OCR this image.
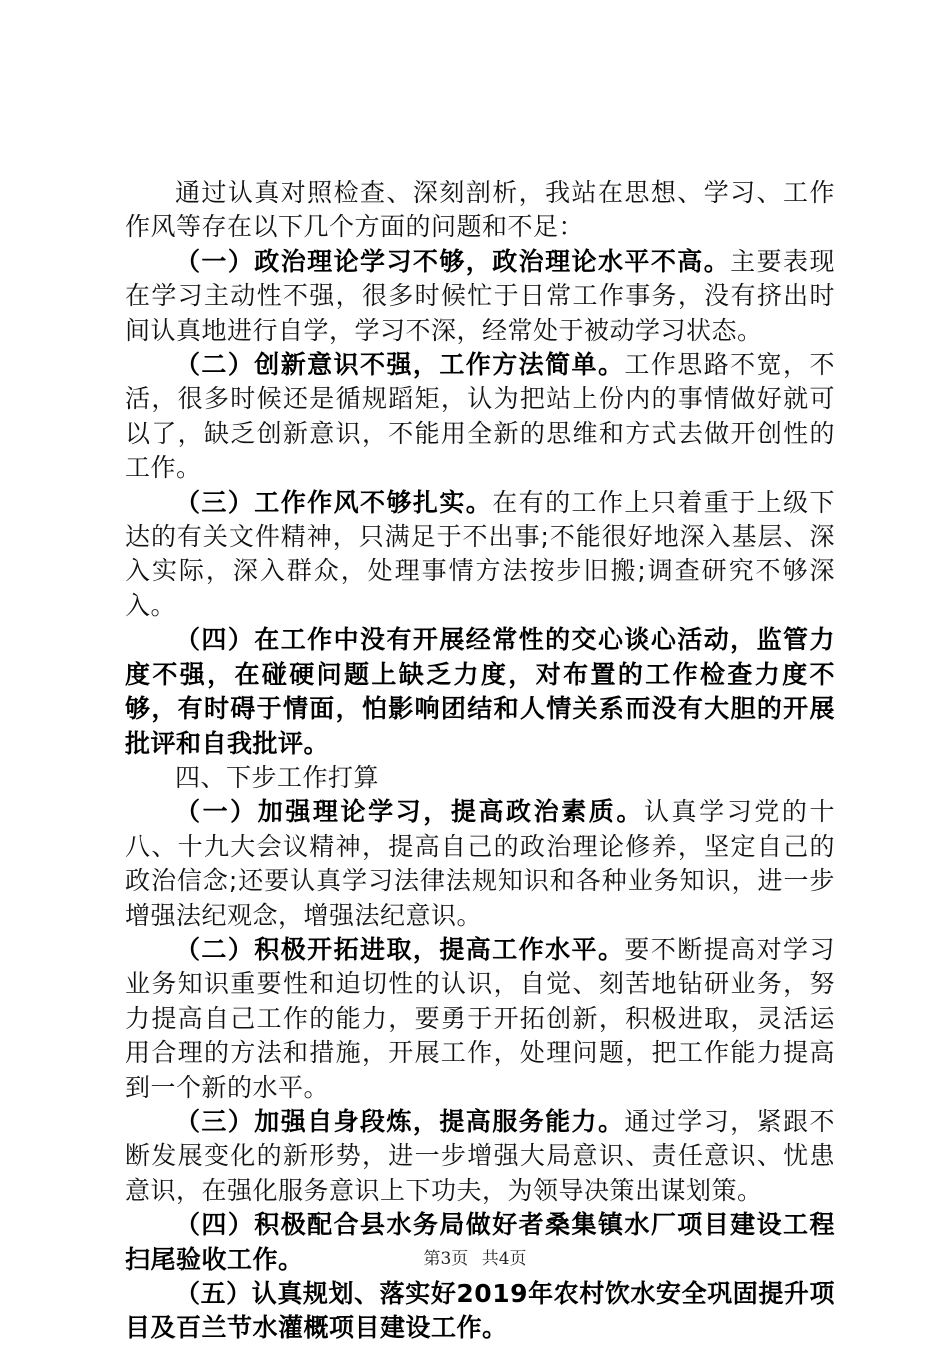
通过认真对照检查、深刻剖析，我站在思想、学习、工作作风等存在以下几个方面的问题和不足：

（一）政治理论学习不够，政治理论水平不高。主要表现在学习主动性不强，很多时候忙于日常工作事务，没有挤出时间认真地进行自学，学习不深，经常处于被动学习状态。

（二）创新意识不强，工作方法简单。工作思路不宽，不活，很多时候还是循规蹈矩，认为把站上份内的事情做好就可以了，缺乏创新意识，不能用全新的思维和方式去做开创性的工作。

（三）工作作风不够扎实。在有的工作上只着重于上级下达的有关文件精神，只满足于不出事;不能很好地深入基层、深入实际，深入群众，处理事情方法按步旧搬;调查研究不够深入。

（四）在工作中没有开展经常性的交心谈心活动，监管力度不强，在碰硬问题上缺乏力度，对布置的工作检查力度不够，有时碍于情面，怕影响团结和人情关系而没有大胆的开展批评和自我批评。

四、下步工作打算

（一）加强理论学习，提高政治素质。认真学习党的十八、十九大会议精神，提高自己的政治理论修养，坚定自己的政治信念;还要认真学习法律法规知识和各种业务知识，进一步增强法纪观念，增强法纪意识。

（二）积极开拓进取，提高工作水平。要不断提高对学习业务知识重要性和迫切性的认识，自觉、刻苦地钻研业务，努力提高自己工作的能力，要勇于开拓创新，积极进取，灵活运用合理的方法和措施，开展工作，处理问题，把工作能力提高到一个新的水平。

（三）加强自身段炼，提高服务能力。通过学习，紧跟不断发展变化的新形势，进一步增强大局意识、责任意识、忧患意识，在强化服务意识上下功夫，为领导决策出谋划策。

（四）积极配合县水务局做好者桑集镇水厂项目建设工程扫尾验收工作。

（五）认真规划、落实好2019年农村饮水安全巩固提升项目及百兰节水灌概项目建设工作。

第3页 共4页
